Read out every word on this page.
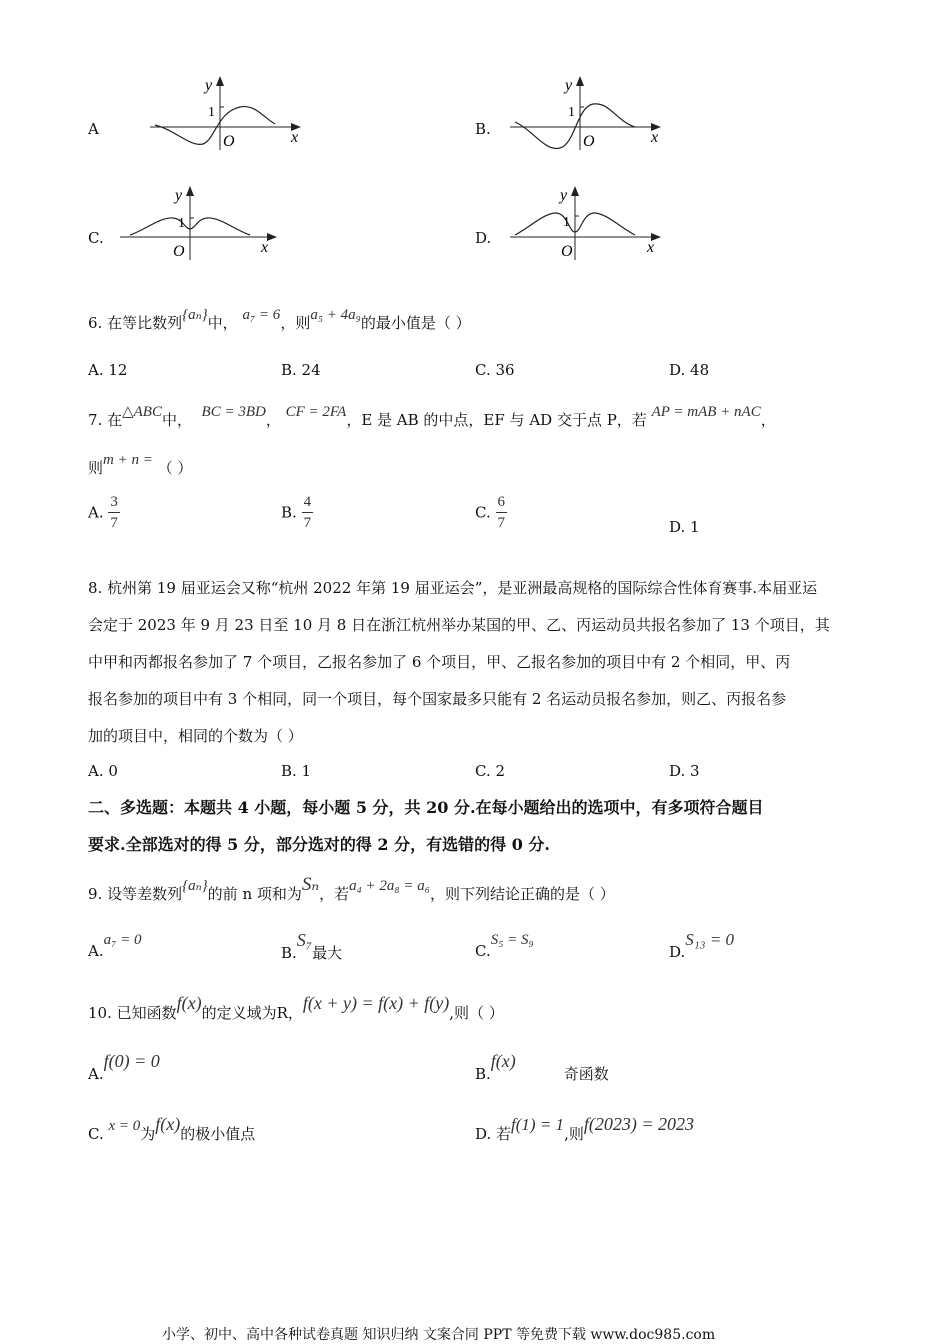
A	B.
C.	D.
y
1
O	x
y
1
O	x
y
1
O	x
y
1
O	x
6. 在等比数列{aₙ}中， a₇ = 6，则a₅ + 4a₉的最小值是（ ）
A. 12	B. 24	C. 36	D. 48
7. 在△ABC中， BC = 3BD， CF = 2FA，E 是 AB 的中点，EF 与 AD 交于点 P，若 AP = mAB + nAC，
则m + n = （ ）
A. $\frac{3}{7}$	B. $\frac{4}{7}$	C. $\frac{6}{7}$	D. 1
8. 杭州第 19 届亚运会又称“杭州 2022 年第 19 届亚运会”，是亚洲最高规格的国际综合性体育赛事.本届亚运
会定于 2023 年 9 月 23 日至 10 月 8 日在浙江杭州举办某国的甲、乙、丙运动员共报名参加了 13 个项目，其
中甲和丙都报名参加了 7 个项目，乙报名参加了 6 个项目，甲、乙报名参加的项目中有 2 个相同，甲、丙
报名参加的项目中有 3 个相同，同一个项目，每个国家最多只能有 2 名运动员报名参加，则乙、丙报名参
加的项目中，相同的个数为（ ）
A. 0	B. 1	C. 2	D. 3
二、多选题：本题共 4 小题，每小题 5 分，共 20 分.在每小题给出的选项中，有多项符合题目
要求.全部选对的得 5 分，部分选对的得 2 分，有选错的得 0 分.
9. 设等差数列{aₙ}的前 n 项和为Sₙ，若a₄ + 2a₈ = a₆，则下列结论正确的是（ ）
A.a₇ = 0
B.S₇最大	C.S₅ = S₉
D.S₁₃ = 0
10. 已知函数f(x)的定义域为R，f(x + y) = f(x) + f(y),则（ ）
A.f(0) = 0
B.f(x)奇函数
C. x = 0为f(x)的极小值点	D. 若f(1) = 1,则f(2023) = 2023
小学、初中、高中各种试卷真题 知识归纳 文案合同 PPT 等免费下载 www.doc985.com
